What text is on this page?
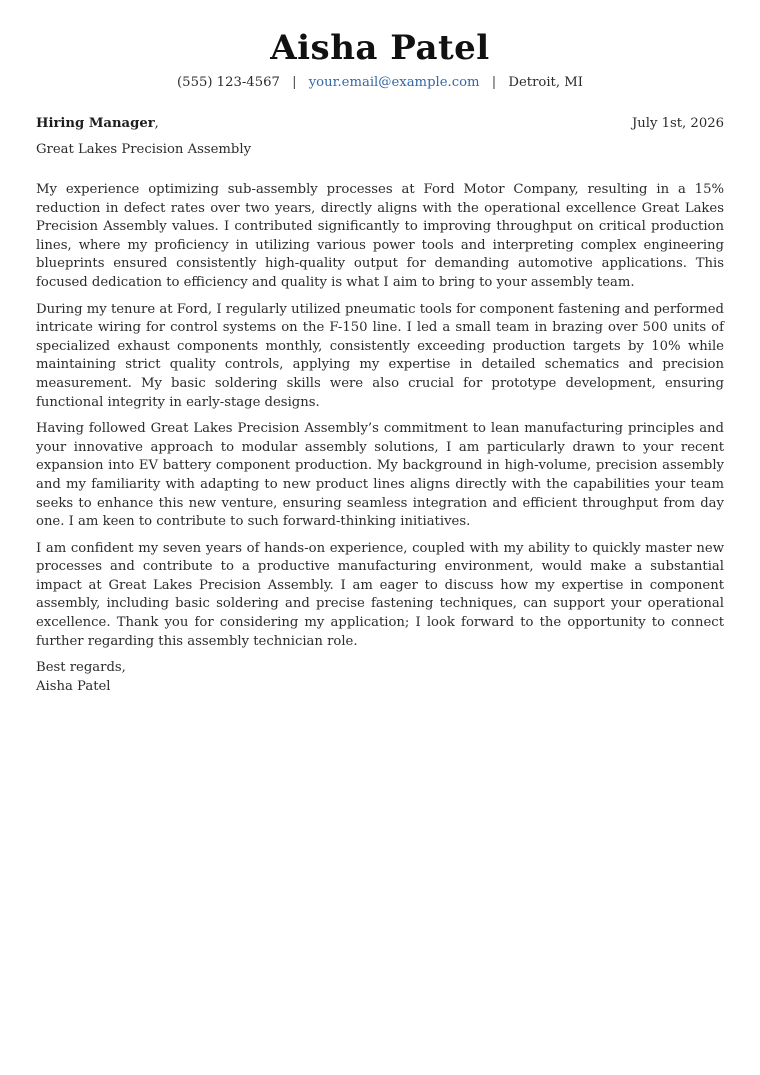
Aisha Patel
(555) 123-4567 | your.email@example.com | Detroit, MI
Hiring Manager,	July 1st, 2026
Great Lakes Precision Assembly

My experience optimizing sub-assembly processes at Ford Motor Company, resulting in a 15% reduction in defect rates over two years, directly aligns with the operational excellence Great Lakes Precision Assembly values. I contributed significantly to improving throughput on critical production lines, where my proficiency in utilizing various power tools and interpreting complex engineering blueprints ensured consistently high-quality output for demanding automotive applications. This focused dedication to efficiency and quality is what I aim to bring to your assembly team.

During my tenure at Ford, I regularly utilized pneumatic tools for component fastening and performed intricate wiring for control systems on the F-150 line. I led a small team in brazing over 500 units of specialized exhaust components monthly, consistently exceeding production targets by 10% while maintaining strict quality controls, applying my expertise in detailed schematics and precision measurement. My basic soldering skills were also crucial for prototype development, ensuring functional integrity in early-stage designs.

Having followed Great Lakes Precision Assembly’s commitment to lean manufacturing principles and your innovative approach to modular assembly solutions, I am particularly drawn to your recent expansion into EV battery component production. My background in high-volume, precision assembly and my familiarity with adapting to new product lines aligns directly with the capabilities your team seeks to enhance this new venture, ensuring seamless integration and efficient throughput from day one. I am keen to contribute to such forward-thinking initiatives.

I am confident my seven years of hands-on experience, coupled with my ability to quickly master new processes and contribute to a productive manufacturing environment, would make a substantial impact at Great Lakes Precision Assembly. I am eager to discuss how my expertise in component assembly, including basic soldering and precise fastening techniques, can support your operational excellence. Thank you for considering my application; I look forward to the opportunity to connect further regarding this assembly technician role.

Best regards,
Aisha Patel
